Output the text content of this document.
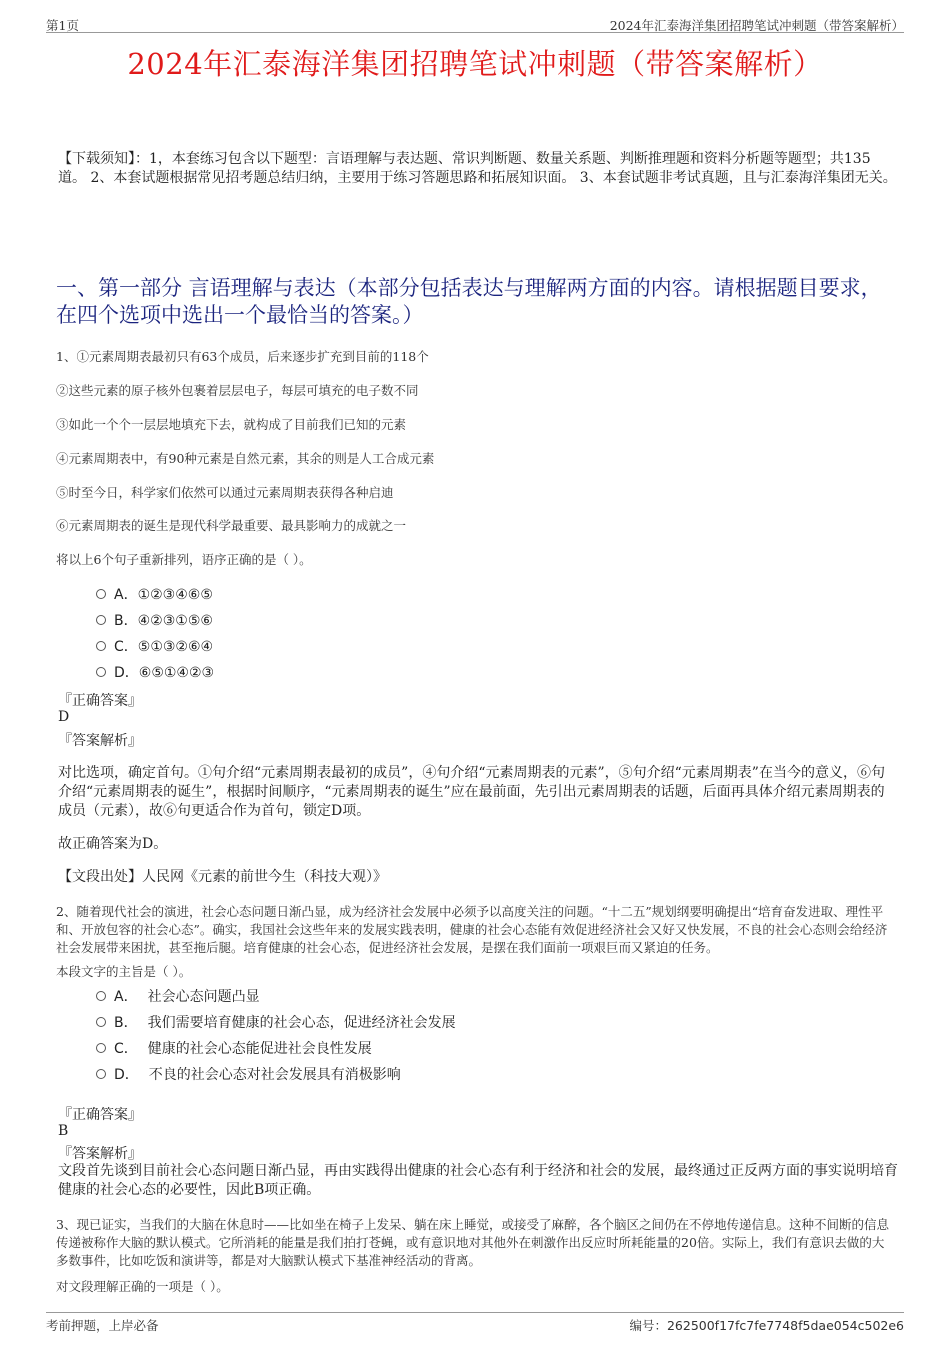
第1页	2024年汇泰海洋集团招聘笔试冲刺题（带答案解析）
2024年汇泰海洋集团招聘笔试冲刺题（带答案解析）
【下载须知】：1，本套练习包含以下题型：言语理解与表达题、常识判断题、数量关系题、判断推理题和资料分析题等题型；共135道。 2、本套试题根据常见招考题总结归纳，主要用于练习答题思路和拓展知识面。 3、本套试题非考试真题，且与汇泰海洋集团无关。
一、第一部分 言语理解与表达（本部分包括表达与理解两方面的内容。请根据题目要求，在四个选项中选出一个最恰当的答案。）
1、①元素周期表最初只有63个成员，后来逐步扩充到目前的118个
②这些元素的原子核外包裹着层层电子，每层可填充的电子数不同
③如此一个个一层层地填充下去，就构成了目前我们已知的元素
④元素周期表中，有90种元素是自然元素，其余的则是人工合成元素
⑤时至今日，科学家们依然可以通过元素周期表获得各种启迪
⑥元素周期表的诞生是现代科学最重要、最具影响力的成就之一
将以上6个句子重新排列，语序正确的是（ ）。
A．①②③④⑥⑤
B．④②③①⑤⑥
C．⑤①③②⑥④
D．⑥⑤①④②③
『正确答案』
D
『答案解析』
对比选项，确定首句。①句介绍“元素周期表最初的成员”，④句介绍“元素周期表的元素”，⑤句介绍“元素周期表”在当今的意义，⑥句介绍“元素周期表的诞生”，根据时间顺序，“元素周期表的诞生”应在最前面，先引出元素周期表的话题，后面再具体介绍元素周期表的成员（元素），故⑥句更适合作为首句，锁定D项。
故正确答案为D。
【文段出处】人民网《元素的前世今生（科技大观）》
2、随着现代社会的演进，社会心态问题日渐凸显，成为经济社会发展中必须予以高度关注的问题。“十二五”规划纲要明确提出“培育奋发进取、理性平和、开放包容的社会心态”。确实，我国社会这些年来的发展实践表明，健康的社会心态能有效促进经济社会又好又快发展，不良的社会心态则会给经济社会发展带来困扰，甚至拖后腿。培育健康的社会心态，促进经济社会发展，是摆在我们面前一项艰巨而又紧迫的任务。
本段文字的主旨是（ ）。
A． 社会心态问题凸显
B． 我们需要培育健康的社会心态，促进经济社会发展
C． 健康的社会心态能促进社会良性发展
D． 不良的社会心态对社会发展具有消极影响
『正确答案』
B
『答案解析』
文段首先谈到目前社会心态问题日渐凸显，再由实践得出健康的社会心态有利于经济和社会的发展，最终通过正反两方面的事实说明培育健康的社会心态的必要性，因此B项正确。
3、现已证实，当我们的大脑在休息时——比如坐在椅子上发呆、躺在床上睡觉，或接受了麻醉，各个脑区之间仍在不停地传递信息。这种不间断的信息传递被称作大脑的默认模式。它所消耗的能量是我们拍打苍蝇，或有意识地对其他外在刺激作出反应时所耗能量的20倍。实际上，我们有意识去做的大多数事件，比如吃饭和演讲等，都是对大脑默认模式下基准神经活动的背离。
对文段理解正确的一项是（ ）。
考前押题，上岸必备	编号：262500f17fc7fe7748f5dae054c502e6
